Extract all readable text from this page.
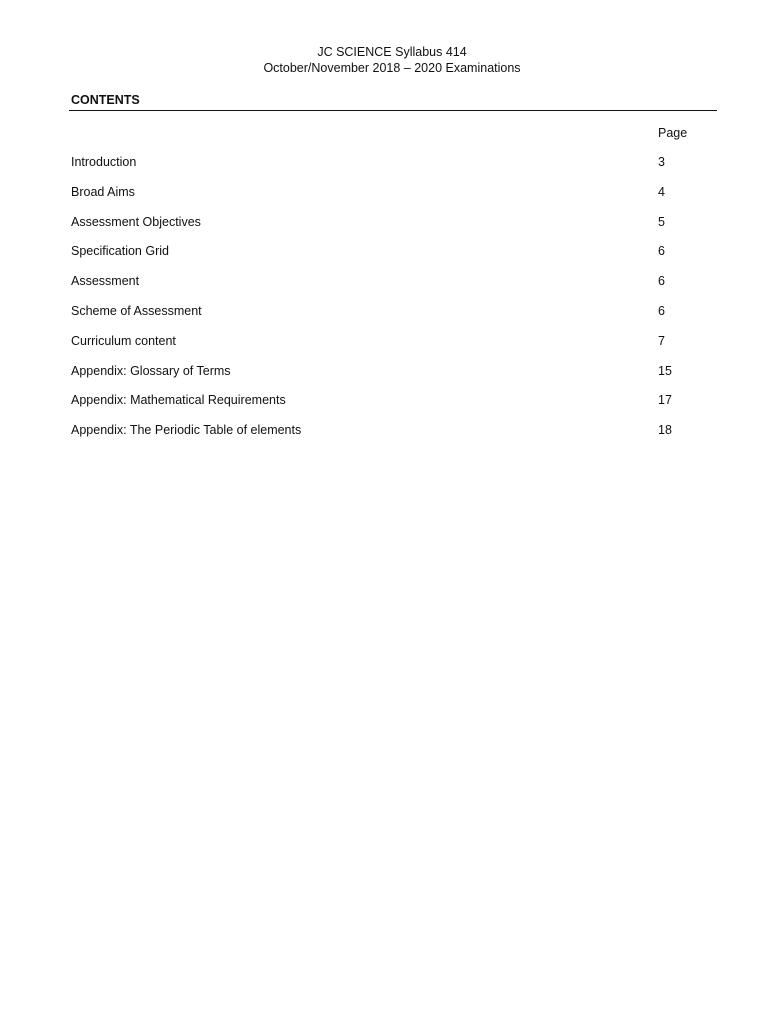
JC SCIENCE Syllabus 414
October/November 2018 – 2020 Examinations
CONTENTS
Page
Introduction	3
Broad Aims	4
Assessment Objectives	5
Specification Grid	6
Assessment	6
Scheme of Assessment	6
Curriculum content	7
Appendix: Glossary of Terms	15
Appendix: Mathematical Requirements	17
Appendix: The Periodic Table of elements	18
